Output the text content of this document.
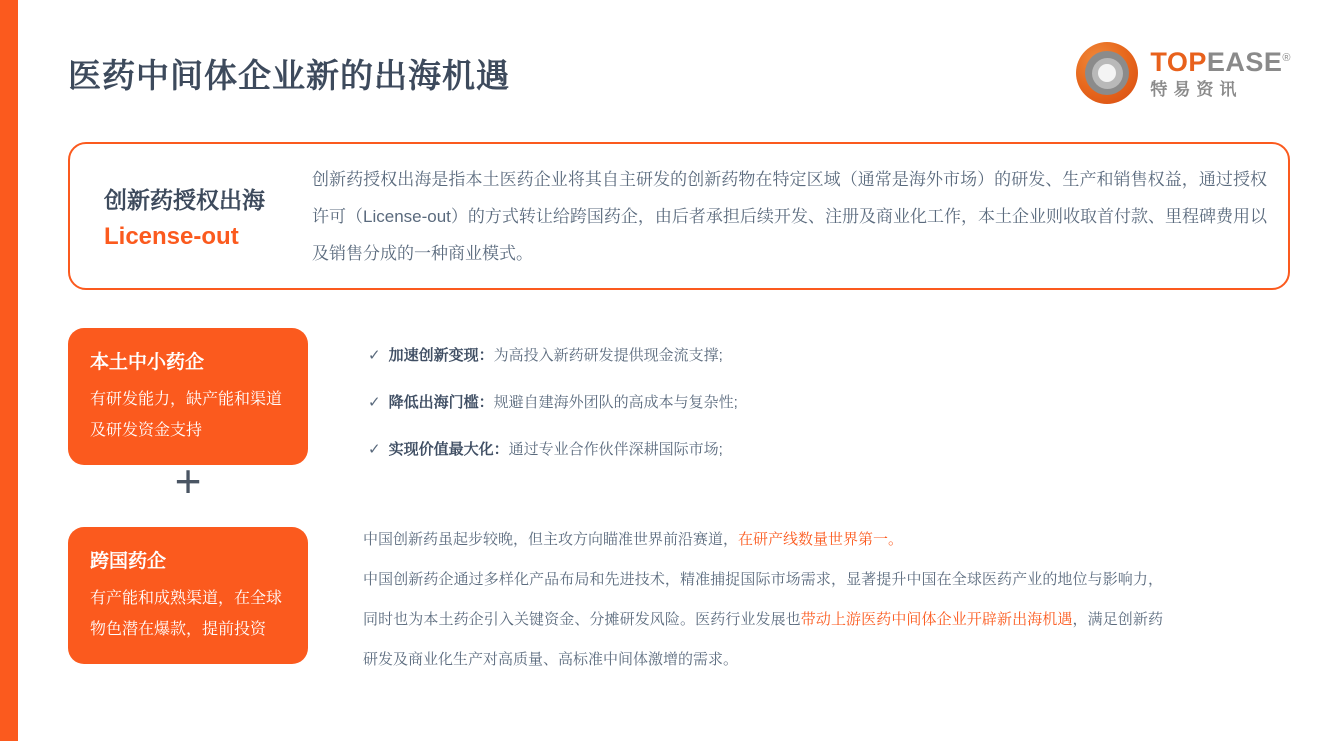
医药中间体企业新的出海机遇	TOPEASE®
特易资讯
创新药授权出海
License-out
创新药授权出海是指本土医药企业将其自主研发的创新药物在特定区域（通常是海外市场）的研发、生产和销售权益，通过授权许可（License-out）的方式转让给跨国药企，由后者承担后续开发、注册及商业化工作，本土企业则收取首付款、里程碑费用以及销售分成的一种商业模式。
本土中小药企
有研发能力，缺产能和渠道及研发资金支持
+
跨国药企
有产能和成熟渠道，在全球物色潜在爆款，提前投资
✓ 加速创新变现：为高投入新药研发提供现金流支撑;
✓ 降低出海门槛：规避自建海外团队的高成本与复杂性;
✓ 实现价值最大化：通过专业合作伙伴深耕国际市场;

中国创新药虽起步较晚，但主攻方向瞄准世界前沿赛道，在研产线数量世界第一。

中国创新药企通过多样化产品布局和先进技术，精准捕捉国际市场需求，显著提升中国在全球医药产业的地位与影响力，同时也为本土药企引入关键资金、分摊研发风险。医药行业发展也带动上游医药中间体企业开辟新出海机遇，满足创新药研发及商业化生产对高质量、高标准中间体激增的需求。
